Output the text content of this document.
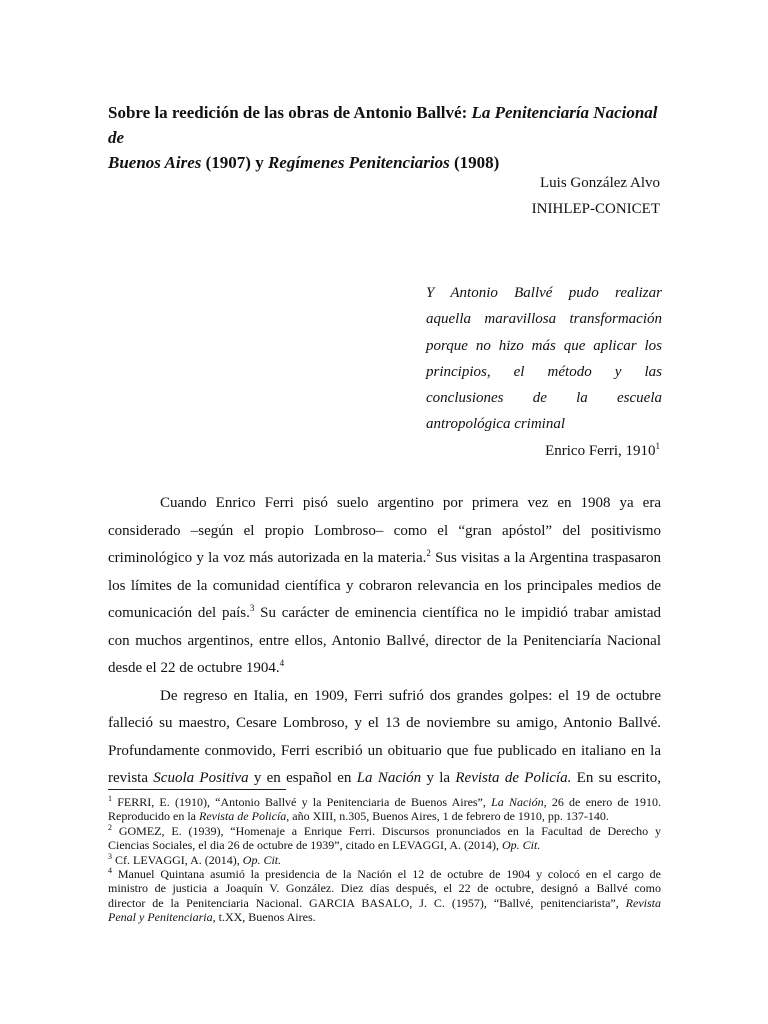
Sobre la reedición de las obras de Antonio Ballvé: La Penitenciaría Nacional de
Buenos Aires (1907) y Regímenes Penitenciarios (1908)
Luis González Alvo
INIHLEP-CONICET
Y Antonio Ballvé pudo realizar
aquella maravillosa transformación
porque no hizo más que aplicar los
principios, el método y las
conclusiones de la escuela
antropológica criminal
Enrico Ferri, 1910$^1$
Cuando Enrico Ferri pisó suelo argentino por primera vez en 1908 ya era
considerado –según el propio Lombroso– como el “gran apóstol” del positivismo
criminológico y la voz más autorizada en la materia.$^2$ Sus visitas a la Argentina traspasaron
los límites de la comunidad científica y cobraron relevancia en los principales medios de
comunicación del país.$^3$ Su carácter de eminencia científica no le impidió trabar amistad
con muchos argentinos, entre ellos, Antonio Ballvé, director de la Penitenciaría Nacional
desde el 22 de octubre 1904.$^4$
De regreso en Italia, en 1909, Ferri sufrió dos grandes golpes: el 19 de octubre
falleció su maestro, Cesare Lombroso, y el 13 de noviembre su amigo, Antonio Ballvé.
Profundamente conmovido, Ferri escribió un obituario que fue publicado en italiano en la
revista Scuola Positiva y en español en La Nación y la Revista de Policía. En su escrito,
$^1$ FERRI, E. (1910), “Antonio Ballvé y la Penitenciaria de Buenos Aires”, La Nación, 26 de enero de 1910.
Reproducido en la Revista de Policía, año XIII, n.305, Buenos Aires, 1 de febrero de 1910, pp. 137-140.
$^2$ GOMEZ, E. (1939), “Homenaje a Enrique Ferri. Discursos pronunciados en la Facultad de Derecho y
Ciencias Sociales, el dia 26 de octubre de 1939”, citado en LEVAGGI, A. (2014), Op. Cit.
$^3$ Cf. LEVAGGI, A. (2014), Op. Cit.
$^4$ Manuel Quintana asumió la presidencia de la Nación el 12 de octubre de 1904 y colocó en el cargo de
ministro de justicia a Joaquín V. González. Diez días después, el 22 de octubre, designó a Ballvé como
director de la Penitenciaria Nacional. GARCIA BASALO, J. C. (1957), “Ballvé, penitenciarista”, Revista
Penal y Penitenciaria, t.XX, Buenos Aires.
